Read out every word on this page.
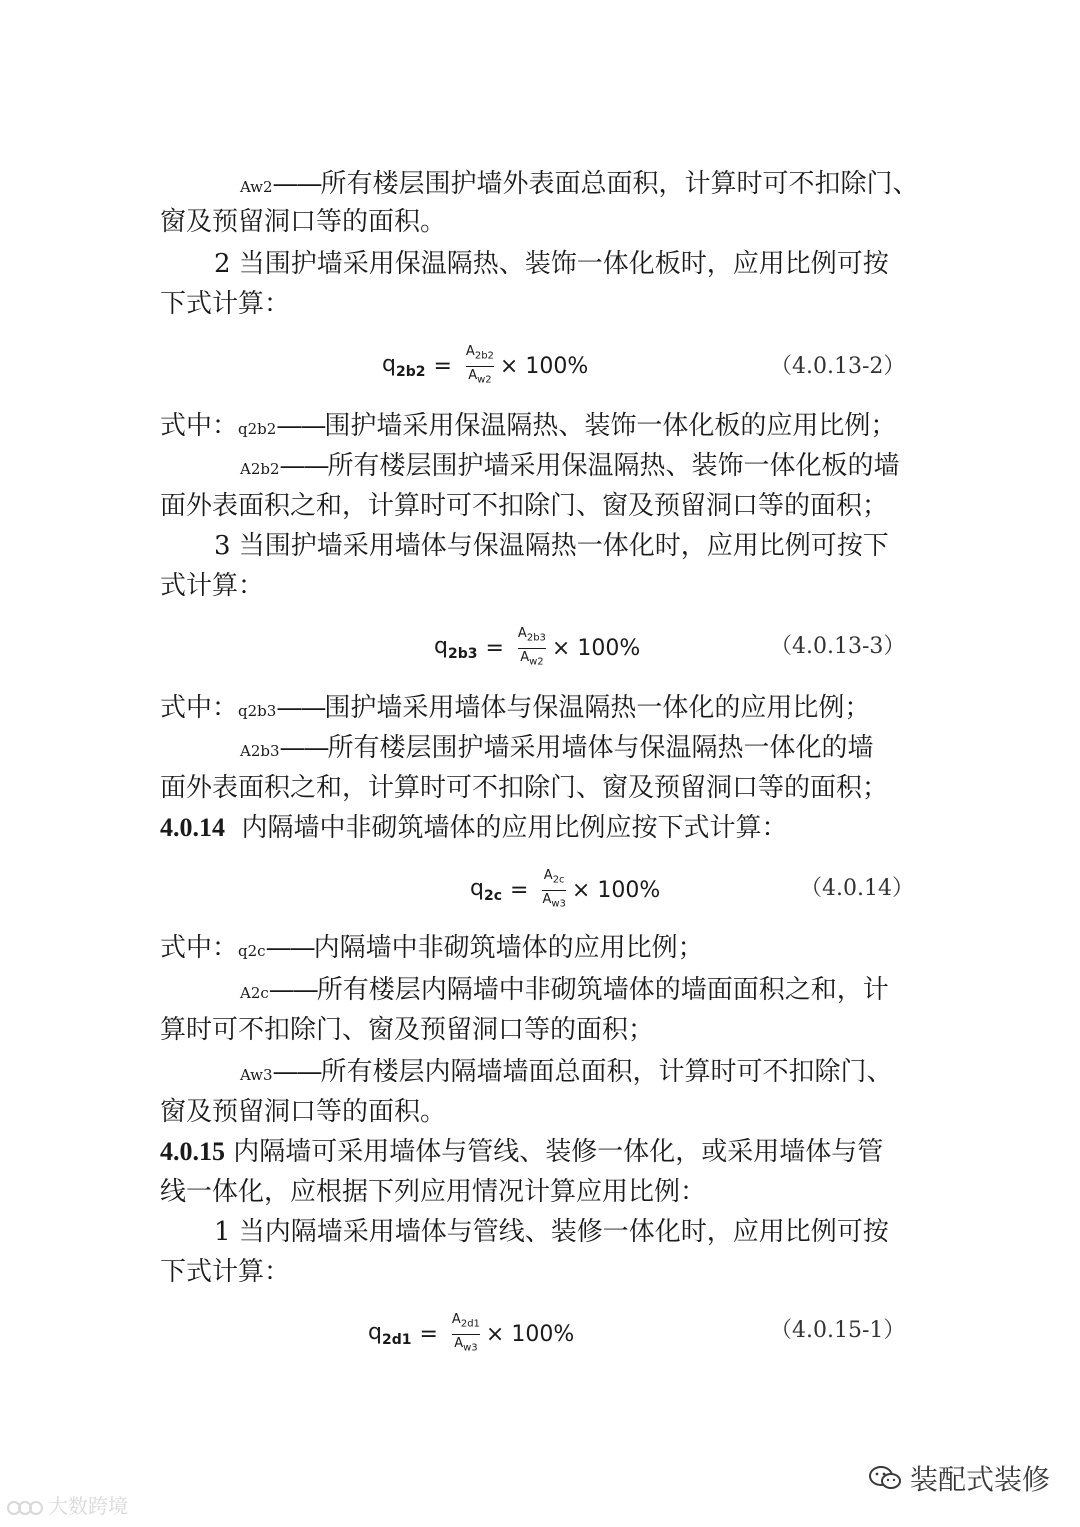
Aw2——所有楼层围护墙外表面总面积，计算时可不扣除门、
窗及预留洞口等的面积。
2 当围护墙采用保温隔热、装饰一体化板时，应用比例可按
下式计算：
$q_{2b2} = \frac{A_{2b2}}{A_{w2}} \times 100\%$	（4.0.13-2）
式中：q2b2——围护墙采用保温隔热、装饰一体化板的应用比例；
A2b2——所有楼层围护墙采用保温隔热、装饰一体化板的墙
面外表面积之和，计算时可不扣除门、窗及预留洞口等的面积；
3 当围护墙采用墙体与保温隔热一体化时，应用比例可按下
式计算：
$q_{2b3} = \frac{A_{2b3}}{A_{w2}} \times 100\%$	（4.0.13-3）
式中：q2b3——围护墙采用墙体与保温隔热一体化的应用比例；
A2b3——所有楼层围护墙采用墙体与保温隔热一体化的墙
面外表面积之和，计算时可不扣除门、窗及预留洞口等的面积；
4.0.14 内隔墙中非砌筑墙体的应用比例应按下式计算：
$q_{2c} = \frac{A_{2c}}{A_{w3}} \times 100\%$	（4.0.14）
式中：q2c——内隔墙中非砌筑墙体的应用比例；
A2c——所有楼层内隔墙中非砌筑墙体的墙面面积之和，计
算时可不扣除门、窗及预留洞口等的面积；
Aw3——所有楼层内隔墙墙面总面积，计算时可不扣除门、
窗及预留洞口等的面积。
4.0.15 内隔墙可采用墙体与管线、装修一体化，或采用墙体与管
线一体化，应根据下列应用情况计算应用比例：
1 当内隔墙采用墙体与管线、装修一体化时，应用比例可按
下式计算：
$q_{2d1} = \frac{A_{2d1}}{A_{w3}} \times 100\%$	（4.0.15-1）
大数跨境
装配式装修
